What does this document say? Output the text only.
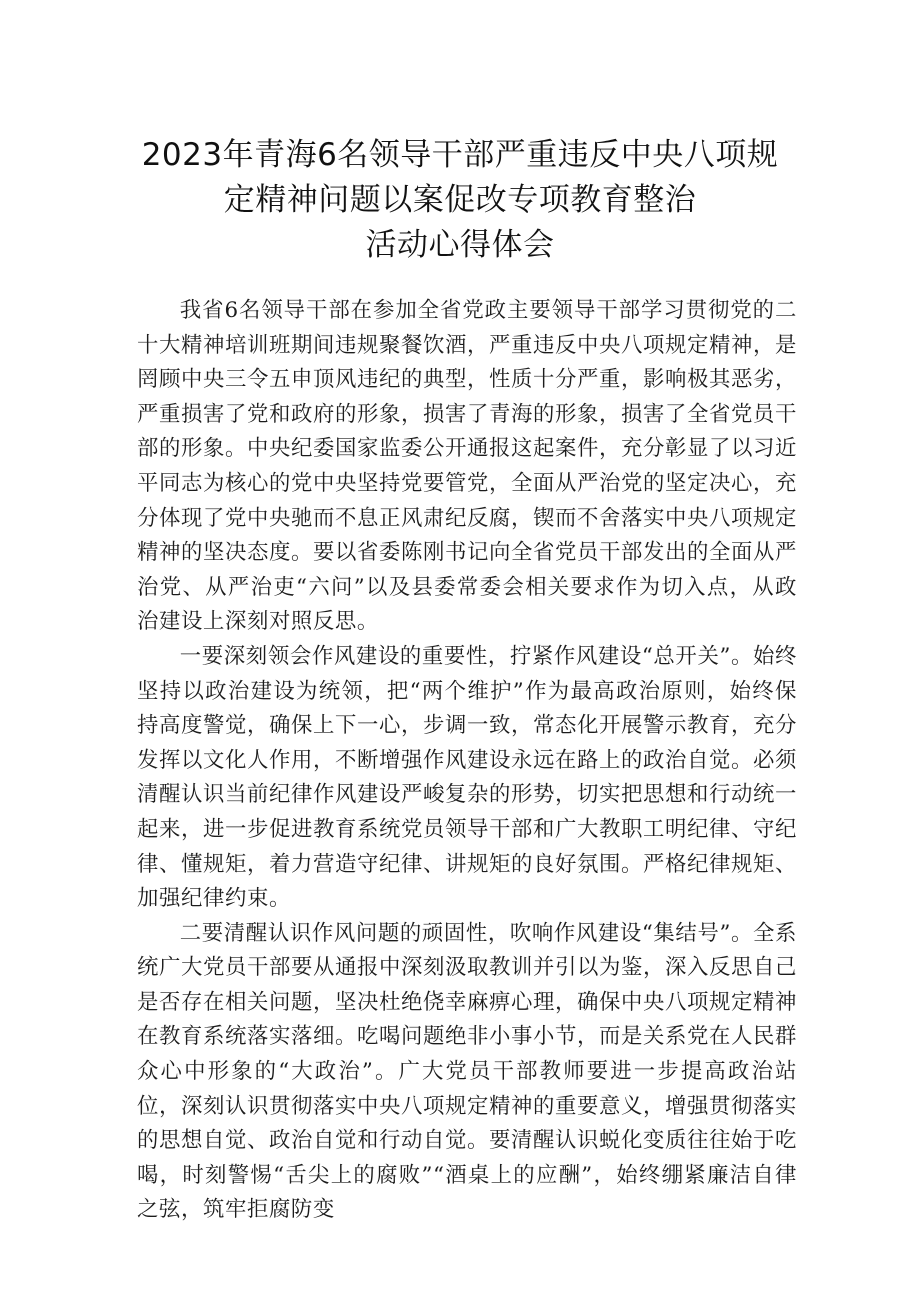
2023年青海6名领导干部严重违反中央八项规
定精神问题以案促改专项教育整治
活动心得体会

我省6名领导干部在参加全省党政主要领导干部学习贯彻党的二十大精神培训班期间违规聚餐饮酒，严重违反中央八项规定精神，是罔顾中央三令五申顶风违纪的典型，性质十分严重，影响极其恶劣，严重损害了党和政府的形象，损害了青海的形象，损害了全省党员干部的形象。中央纪委国家监委公开通报这起案件，充分彰显了以习近平同志为核心的党中央坚持党要管党，全面从严治党的坚定决心，充分体现了党中央驰而不息正风肃纪反腐，锲而不舍落实中央八项规定精神的坚决态度。要以省委陈刚书记向全省党员干部发出的全面从严治党、从严治吏“六问”以及县委常委会相关要求作为切入点，从政治建设上深刻对照反思。

一要深刻领会作风建设的重要性，拧紧作风建设“总开关”。始终坚持以政治建设为统领，把“两个维护”作为最高政治原则，始终保持高度警觉，确保上下一心，步调一致，常态化开展警示教育，充分发挥以文化人作用，不断增强作风建设永远在路上的政治自觉。必须清醒认识当前纪律作风建设严峻复杂的形势，切实把思想和行动统一起来，进一步促进教育系统党员领导干部和广大教职工明纪律、守纪律、懂规矩，着力营造守纪律、讲规矩的良好氛围。严格纪律规矩、加强纪律约束。

二要清醒认识作风问题的顽固性，吹响作风建设“集结号”。全系统广大党员干部要从通报中深刻汲取教训并引以为鉴，深入反思自己是否存在相关问题，坚决杜绝侥幸麻痹心理，确保中央八项规定精神在教育系统落实落细。吃喝问题绝非小事小节，而是关系党在人民群众心中形象的“大政治”。广大党员干部教师要进一步提高政治站位，深刻认识贯彻落实中央八项规定精神的重要意义，增强贯彻落实的思想自觉、政治自觉和行动自觉。要清醒认识蜕化变质往往始于吃喝，时刻警惕“舌尖上的腐败”“酒桌上的应酬”，始终绷紧廉洁自律之弦，筑牢拒腐防变
